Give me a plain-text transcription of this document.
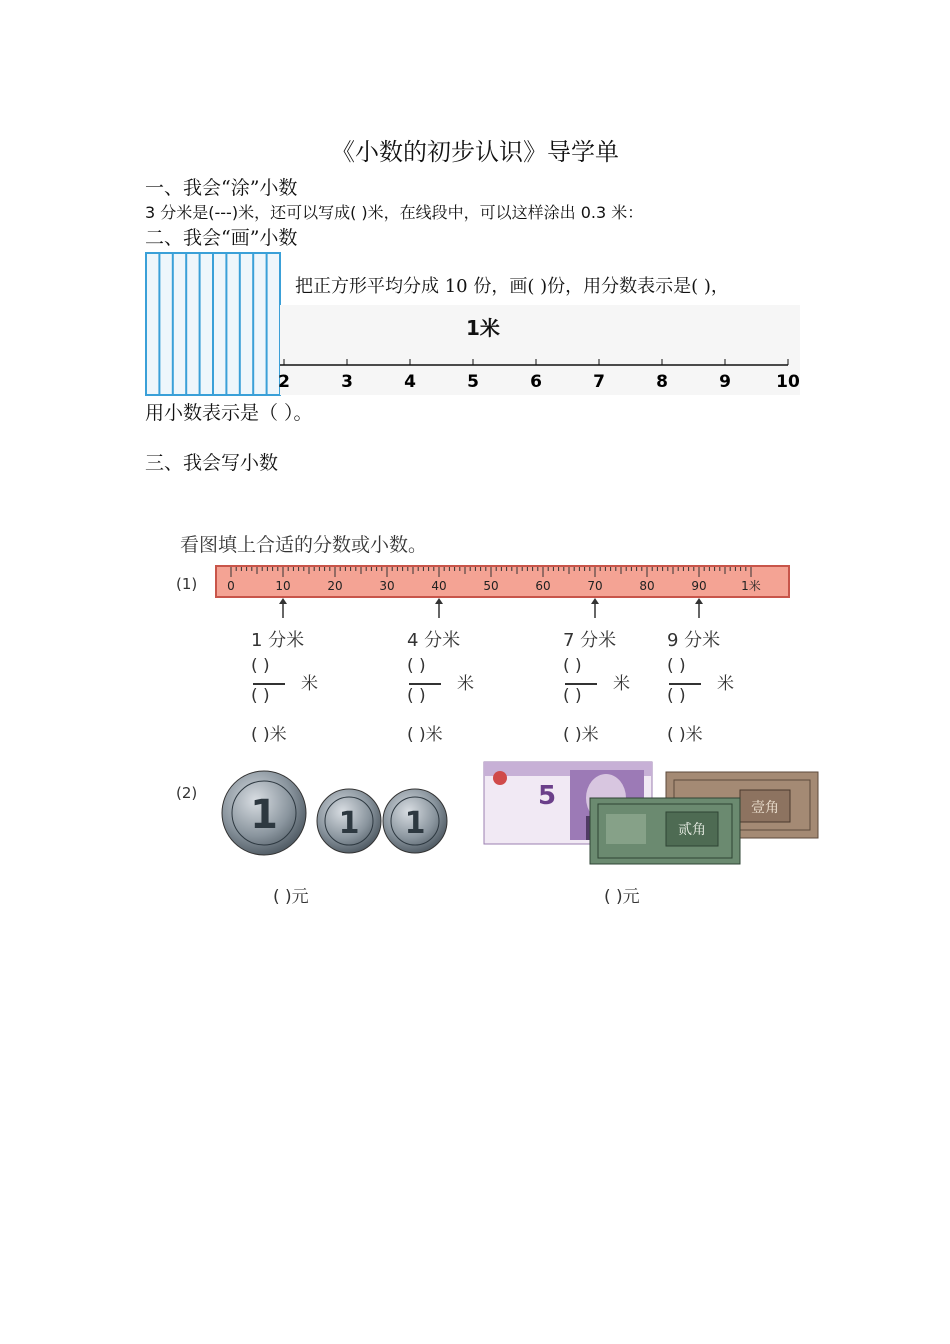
《小数的初步认识》导学单
一、我会“涂”小数
3 分米是(---)米，还可以写成( )米，在线段中，可以这样涂出 0.3 米：
二、我会“画”小数
把正方形平均分成 10 份，画( )份，用分数表示是( )，
1米
2	3	4	5	6	7	8	9	10
用小数表示是（ ）。
三、我会写小数
看图填上合适的分数或小数。
(1) 0	10	20	30	40	50	60	70	80	90	1米
1 分米
( )
( )
米
( )米
4 分米
( )
( )
米
( )米
7 分米
( )
( )
米
( )米
9 分米
( )
( )
米
( )米
(2) 1 1 1	壹角
5
贰角
( )元	( )元
